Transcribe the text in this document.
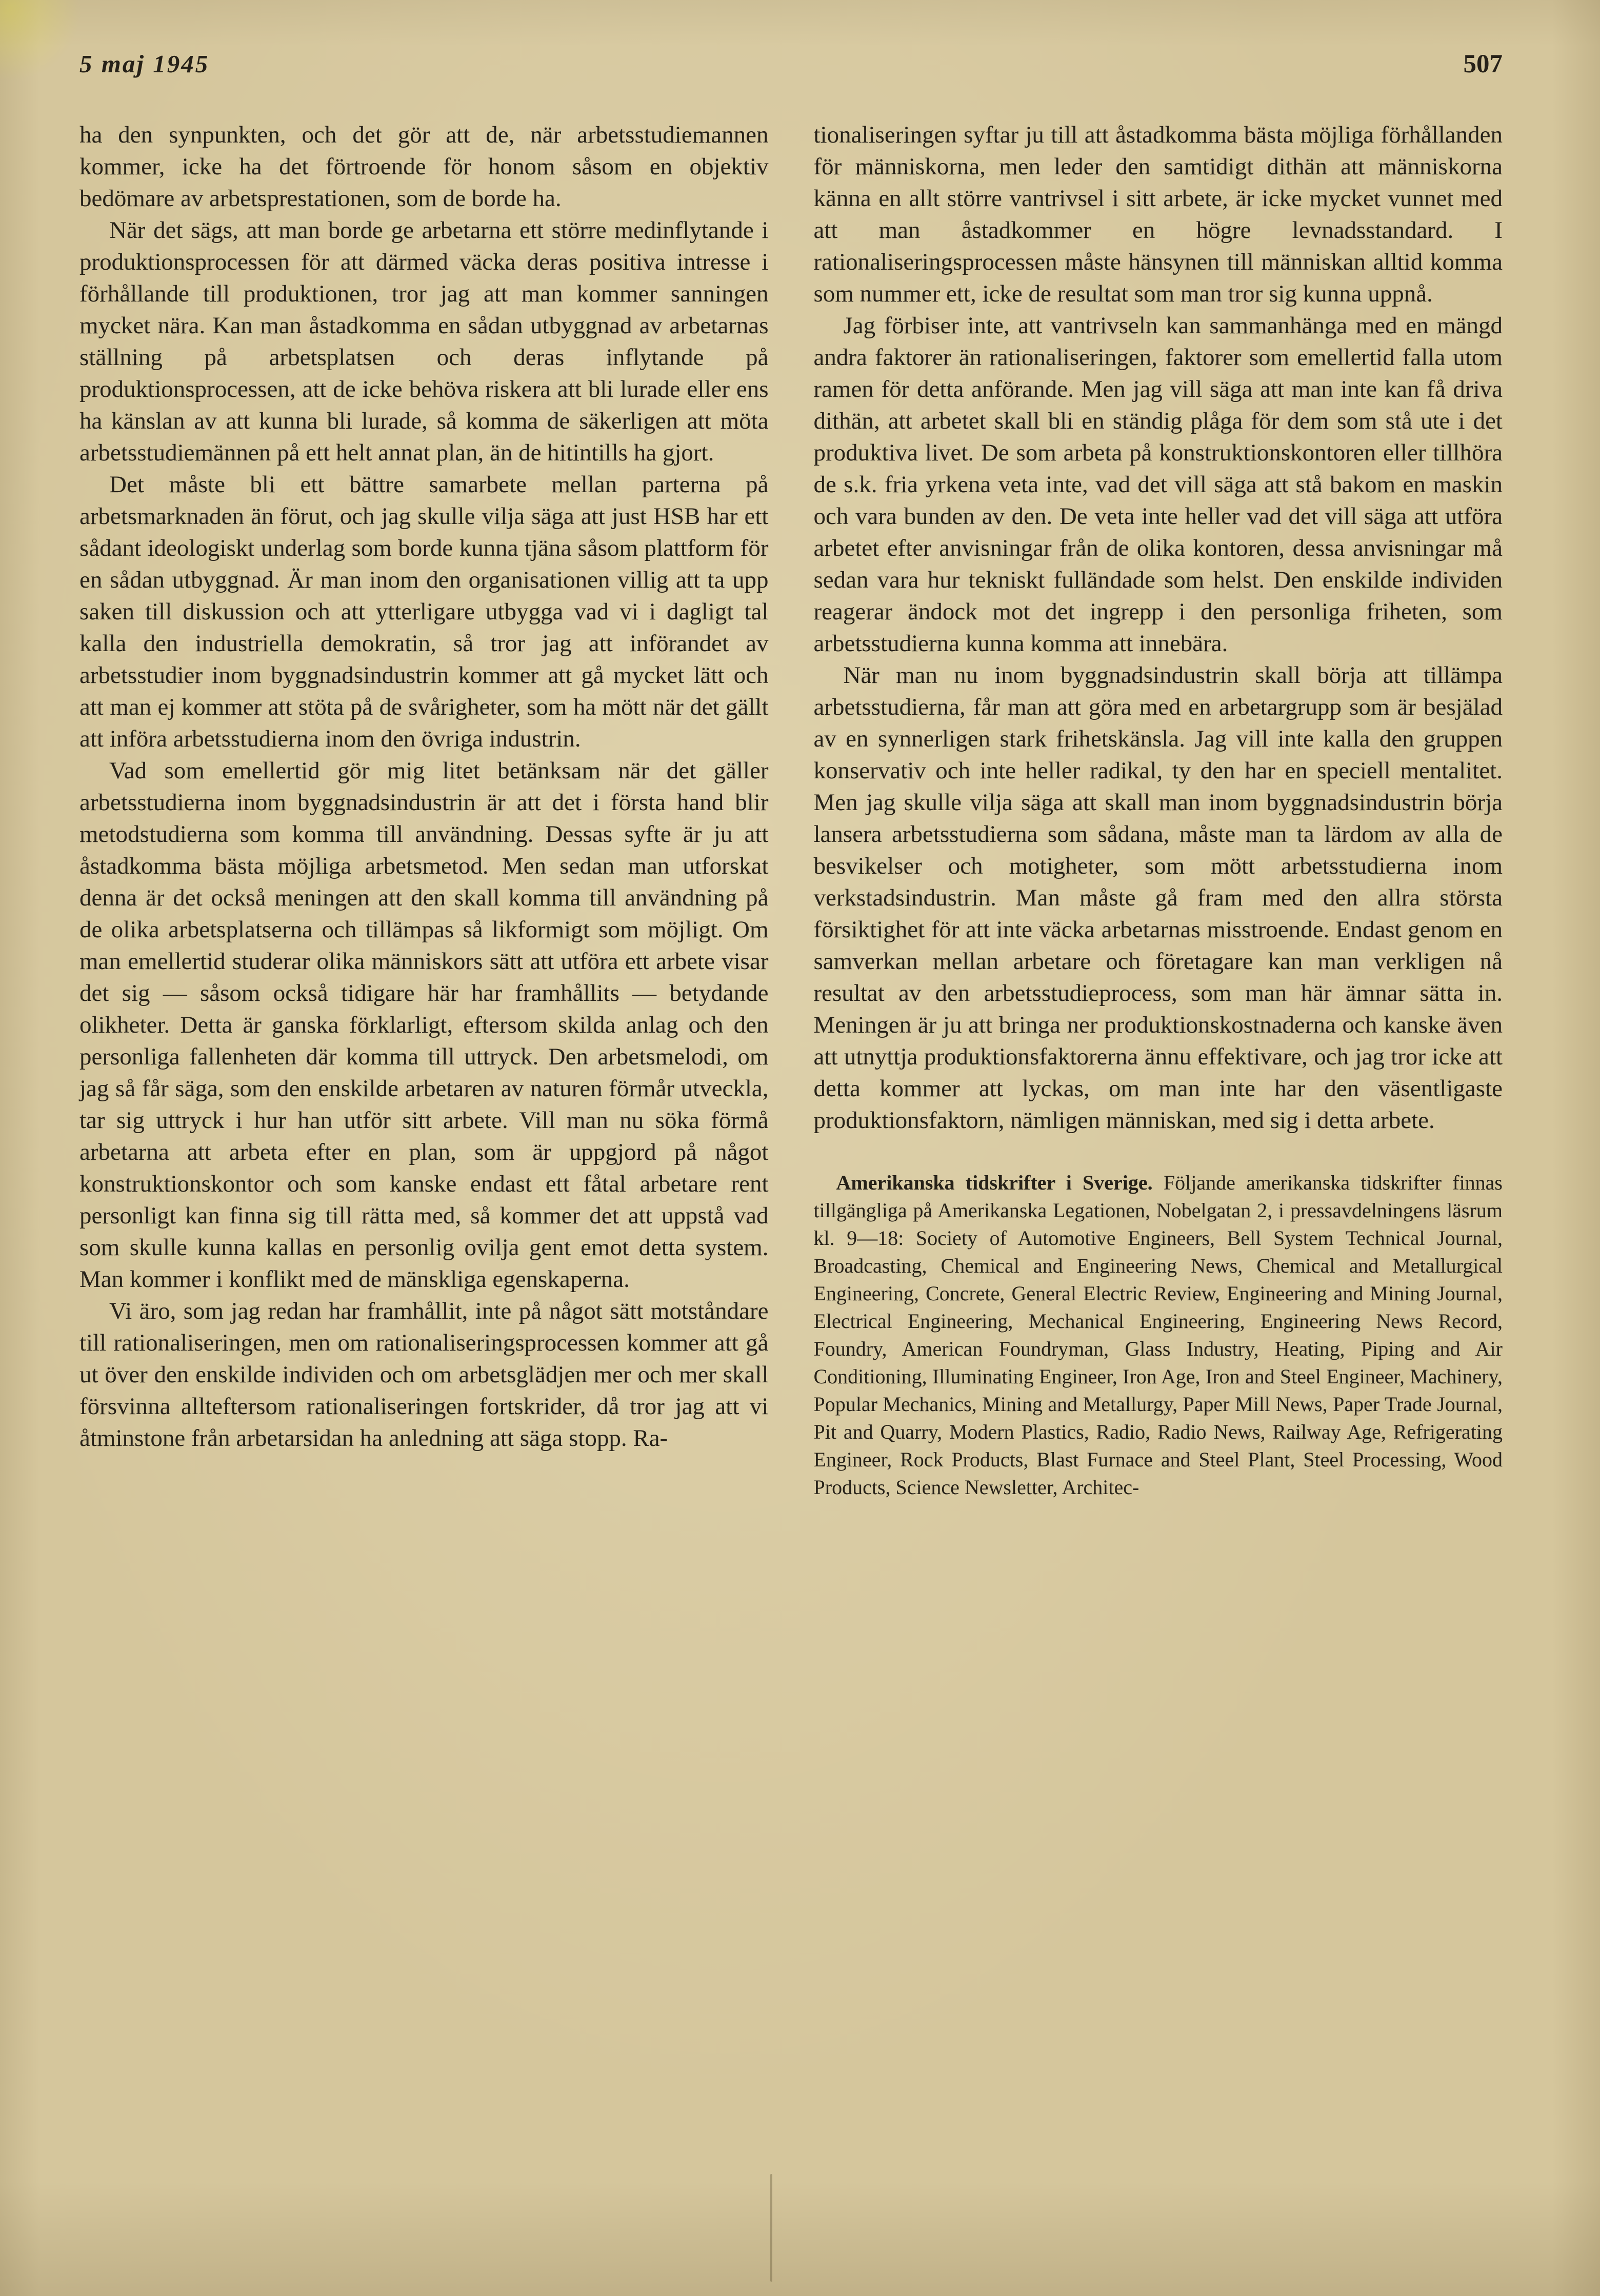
5 maj 1945	507

ha den synpunkten, och det gör att de, när arbetsstudiemannen kommer, icke ha det förtroende för honom såsom en objektiv bedömare av arbetsprestationen, som de borde ha.

När det sägs, att man borde ge arbetarna ett större medinflytande i produktionsprocessen för att därmed väcka deras positiva intresse i förhållande till produktionen, tror jag att man kommer sanningen mycket nära. Kan man åstadkomma en sådan utbyggnad av arbetarnas ställning på arbetsplatsen och deras inflytande på produktionsprocessen, att de icke behöva riskera att bli lurade eller ens ha känslan av att kunna bli lurade, så komma de säkerligen att möta arbetsstudiemännen på ett helt annat plan, än de hitintills ha gjort.

Det måste bli ett bättre samarbete mellan parterna på arbetsmarknaden än förut, och jag skulle vilja säga att just HSB har ett sådant ideologiskt underlag som borde kunna tjäna såsom plattform för en sådan utbyggnad. Är man inom den organisationen villig att ta upp saken till diskussion och att ytterligare utbygga vad vi i dagligt tal kalla den industriella demokratin, så tror jag att införandet av arbetsstudier inom byggnadsindustrin kommer att gå mycket lätt och att man ej kommer att stöta på de svårigheter, som ha mött när det gällt att införa arbetsstudierna inom den övriga industrin.

Vad som emellertid gör mig litet betänksam när det gäller arbetsstudierna inom byggnadsindustrin är att det i första hand blir metodstudierna som komma till användning. Dessas syfte är ju att åstadkomma bästa möjliga arbetsmetod. Men sedan man utforskat denna är det också meningen att den skall komma till användning på de olika arbetsplatserna och tillämpas så likformigt som möjligt. Om man emellertid studerar olika människors sätt att utföra ett arbete visar det sig — såsom också tidigare här har framhållits — betydande olikheter. Detta är ganska förklarligt, eftersom skilda anlag och den personliga fallenheten där komma till uttryck. Den arbetsmelodi, om jag så får säga, som den enskilde arbetaren av naturen förmår utveckla, tar sig uttryck i hur han utför sitt arbete. Vill man nu söka förmå arbetarna att arbeta efter en plan, som är uppgjord på något konstruktionskontor och som kanske endast ett fåtal arbetare rent personligt kan finna sig till rätta med, så kommer det att uppstå vad som skulle kunna kallas en personlig ovilja gent emot detta system. Man kommer i konflikt med de mänskliga egenskaperna.

Vi äro, som jag redan har framhållit, inte på något sätt motståndare till rationaliseringen, men om rationaliseringsprocessen kommer att gå ut över den enskilde individen och om arbetsglädjen mer och mer skall försvinna allteftersom rationaliseringen fortskrider, då tror jag att vi åtminstone från arbetarsidan ha anledning att säga stopp. Ra-

tionaliseringen syftar ju till att åstadkomma bästa möjliga förhållanden för människorna, men leder den samtidigt dithän att människorna känna en allt större vantrivsel i sitt arbete, är icke mycket vunnet med att man åstadkommer en högre levnadsstandard. I rationaliseringsprocessen måste hänsynen till människan alltid komma som nummer ett, icke de resultat som man tror sig kunna uppnå.

Jag förbiser inte, att vantrivseln kan sammanhänga med en mängd andra faktorer än rationaliseringen, faktorer som emellertid falla utom ramen för detta anförande. Men jag vill säga att man inte kan få driva dithän, att arbetet skall bli en ständig plåga för dem som stå ute i det produktiva livet. De som arbeta på konstruktionskontoren eller tillhöra de s.k. fria yrkena veta inte, vad det vill säga att stå bakom en maskin och vara bunden av den. De veta inte heller vad det vill säga att utföra arbetet efter anvisningar från de olika kontoren, dessa anvisningar må sedan vara hur tekniskt fulländade som helst. Den enskilde individen reagerar ändock mot det ingrepp i den personliga friheten, som arbetsstudierna kunna komma att innebära.

När man nu inom byggnadsindustrin skall börja att tillämpa arbetsstudierna, får man att göra med en arbetargrupp som är besjälad av en synnerligen stark frihetskänsla. Jag vill inte kalla den gruppen konservativ och inte heller radikal, ty den har en speciell mentalitet. Men jag skulle vilja säga att skall man inom byggnadsindustrin börja lansera arbetsstudierna som sådana, måste man ta lärdom av alla de besvikelser och motigheter, som mött arbetsstudierna inom verkstadsindustrin. Man måste gå fram med den allra största försiktighet för att inte väcka arbetarnas misstroende. Endast genom en samverkan mellan arbetare och företagare kan man verkligen nå resultat av den arbetsstudieprocess, som man här ämnar sätta in. Meningen är ju att bringa ner produktionskostnaderna och kanske även att utnyttja produktionsfaktorerna ännu effektivare, och jag tror icke att detta kommer att lyckas, om man inte har den väsentligaste produktionsfaktorn, nämligen människan, med sig i detta arbete.

Amerikanska tidskrifter i Sverige. Följande amerikanska tidskrifter finnas tillgängliga på Amerikanska Legationen, Nobelgatan 2, i pressavdelningens läsrum kl. 9—18: Society of Automotive Engineers, Bell System Technical Journal, Broadcasting, Chemical and Engineering News, Chemical and Metallurgical Engineering, Concrete, General Electric Review, Engineering and Mining Journal, Electrical Engineering, Mechanical Engineering, Engineering News Record, Foundry, American Foundryman, Glass Industry, Heating, Piping and Air Conditioning, Illuminating Engineer, Iron Age, Iron and Steel Engineer, Machinery, Popular Mechanics, Mining and Metallurgy, Paper Mill News, Paper Trade Journal, Pit and Quarry, Modern Plastics, Radio, Radio News, Railway Age, Refrigerating Engineer, Rock Products, Blast Furnace and Steel Plant, Steel Processing, Wood Products, Science Newsletter, Architec-
